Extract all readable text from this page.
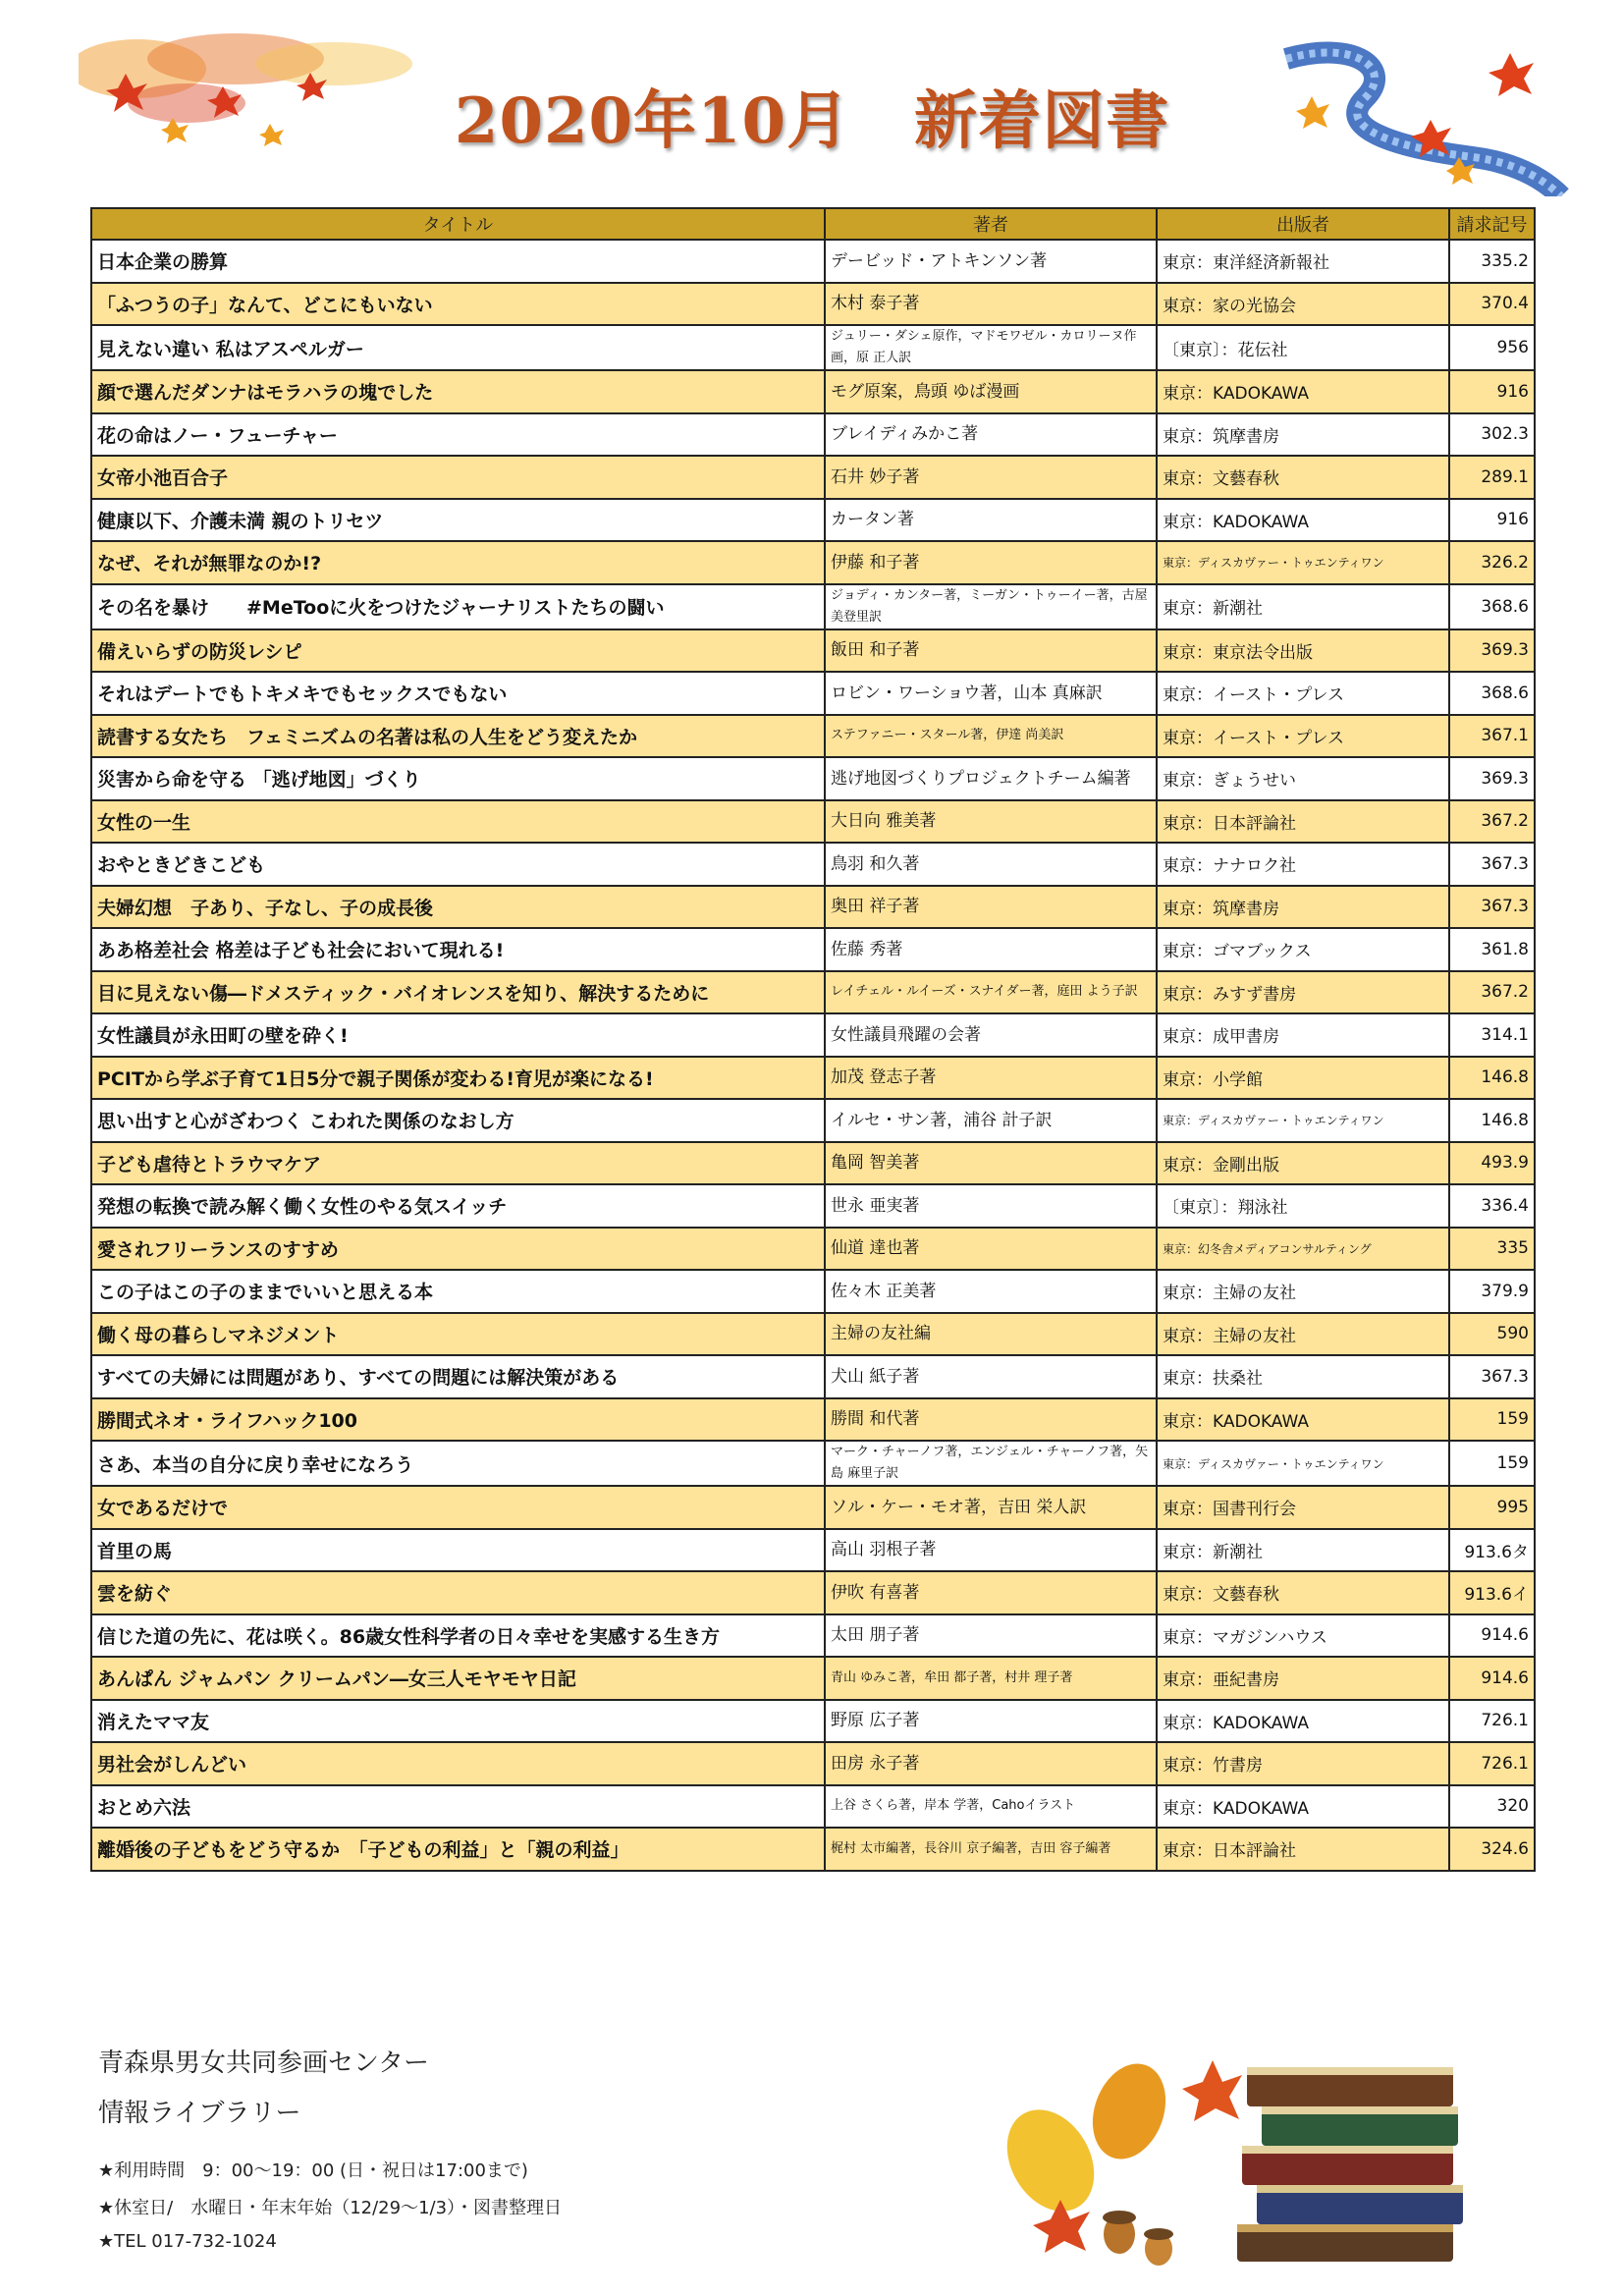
2020年10月　新着図書
タイトル	著者	出版者	請求記号
日本企業の勝算	デービッド・アトキンソン著	東京：東洋経済新報社	335.2
「ふつうの子」なんて、どこにもいない	木村 泰子著	東京：家の光協会	370.4
見えない違い 私はアスペルガー	ジュリー・ダシェ原作，マドモワゼル・カロリーヌ作画，原 正人訳	〔東京〕：花伝社	956
顔で選んだダンナはモラハラの塊でした	モグ原案，鳥頭 ゆば漫画	東京：KADOKAWA	916
花の命はノー・フューチャー	ブレイディみかこ著	東京：筑摩書房	302.3
女帝小池百合子	石井 妙子著	東京：文藝春秋	289.1
健康以下、介護未満 親のトリセツ	カータン著	東京：KADOKAWA	916
なぜ、それが無罪なのか!?	伊藤 和子著	東京：ディスカヴァー・トゥエンティワン	326.2
その名を暴け　　#MeTooに火をつけたジャーナリストたちの闘い	ジョディ・カンター著，ミーガン・トゥーイー著，古屋 美登里訳	東京：新潮社	368.6
備えいらずの防災レシピ	飯田 和子著	東京：東京法令出版	369.3
それはデートでもトキメキでもセックスでもない	ロビン・ワーショウ著，山本 真麻訳	東京：イースト・プレス	368.6
読書する女たち　フェミニズムの名著は私の人生をどう変えたか	ステファニー・スタール著，伊達 尚美訳	東京：イースト・プレス	367.1
災害から命を守る 「逃げ地図」づくり	逃げ地図づくりプロジェクトチーム編著	東京：ぎょうせい	369.3
女性の一生	大日向 雅美著	東京：日本評論社	367.2
おやときどきこども	鳥羽 和久著	東京：ナナロク社	367.3
夫婦幻想　子あり、子なし、子の成長後	奥田 祥子著	東京：筑摩書房	367.3
ああ格差社会 格差は子ども社会において現れる!	佐藤 秀著	東京：ゴマブックス	361.8
目に見えない傷―ドメスティック・バイオレンスを知り、解決するために	レイチェル・ルイーズ・スナイダー著，庭田 よう子訳	東京：みすず書房	367.2
女性議員が永田町の壁を砕く!	女性議員飛躍の会著	東京：成甲書房	314.1
PCITから学ぶ子育て1日5分で親子関係が変わる!育児が楽になる!	加茂 登志子著	東京：小学館	146.8
思い出すと心がざわつく こわれた関係のなおし方	イルセ・サン著，浦谷 計子訳	東京：ディスカヴァー・トゥエンティワン	146.8
子ども虐待とトラウマケア	亀岡 智美著	東京：金剛出版	493.9
発想の転換で読み解く働く女性のやる気スイッチ	世永 亜実著	〔東京〕：翔泳社	336.4
愛されフリーランスのすすめ	仙道 達也著	東京：幻冬舎メディアコンサルティング	335
この子はこの子のままでいいと思える本	佐々木 正美著	東京：主婦の友社	379.9
働く母の暮らしマネジメント	主婦の友社編	東京：主婦の友社	590
すべての夫婦には問題があり、すべての問題には解決策がある	犬山 紙子著	東京：扶桑社	367.3
勝間式ネオ・ライフハック100	勝間 和代著	東京：KADOKAWA	159
さあ、本当の自分に戻り幸せになろう	マーク・チャーノフ著，エンジェル・チャーノフ著，矢島 麻里子訳	東京：ディスカヴァー・トゥエンティワン	159
女であるだけで	ソル・ケー・モオ著，吉田 栄人訳	東京：国書刊行会	995
首里の馬	高山 羽根子著	東京：新潮社	913.6タ
雲を紡ぐ	伊吹 有喜著	東京：文藝春秋	913.6イ
信じた道の先に、花は咲く。86歳女性科学者の日々幸せを実感する生き方	太田 朋子著	東京：マガジンハウス	914.6
あんぱん ジャムパン クリームパン―女三人モヤモヤ日記	青山 ゆみこ著，牟田 都子著，村井 理子著	東京：亜紀書房	914.6
消えたママ友	野原 広子著	東京：KADOKAWA	726.1
男社会がしんどい	田房 永子著	東京：竹書房	726.1
おとめ六法	上谷 さくら著，岸本 学著，Cahoイラスト	東京：KADOKAWA	320
離婚後の子どもをどう守るか　「子どもの利益」と「親の利益」	梶村 太市編著，長谷川 京子編著，吉田 容子編著	東京：日本評論社	324.6
青森県男女共同参画センター
情報ライブラリー
★利用時間　9：00〜19：00 (日・祝日は17:00まで)
★休室日/　水曜日・年末年始（12/29〜1/3）・図書整理日
★TEL 017-732-1024
